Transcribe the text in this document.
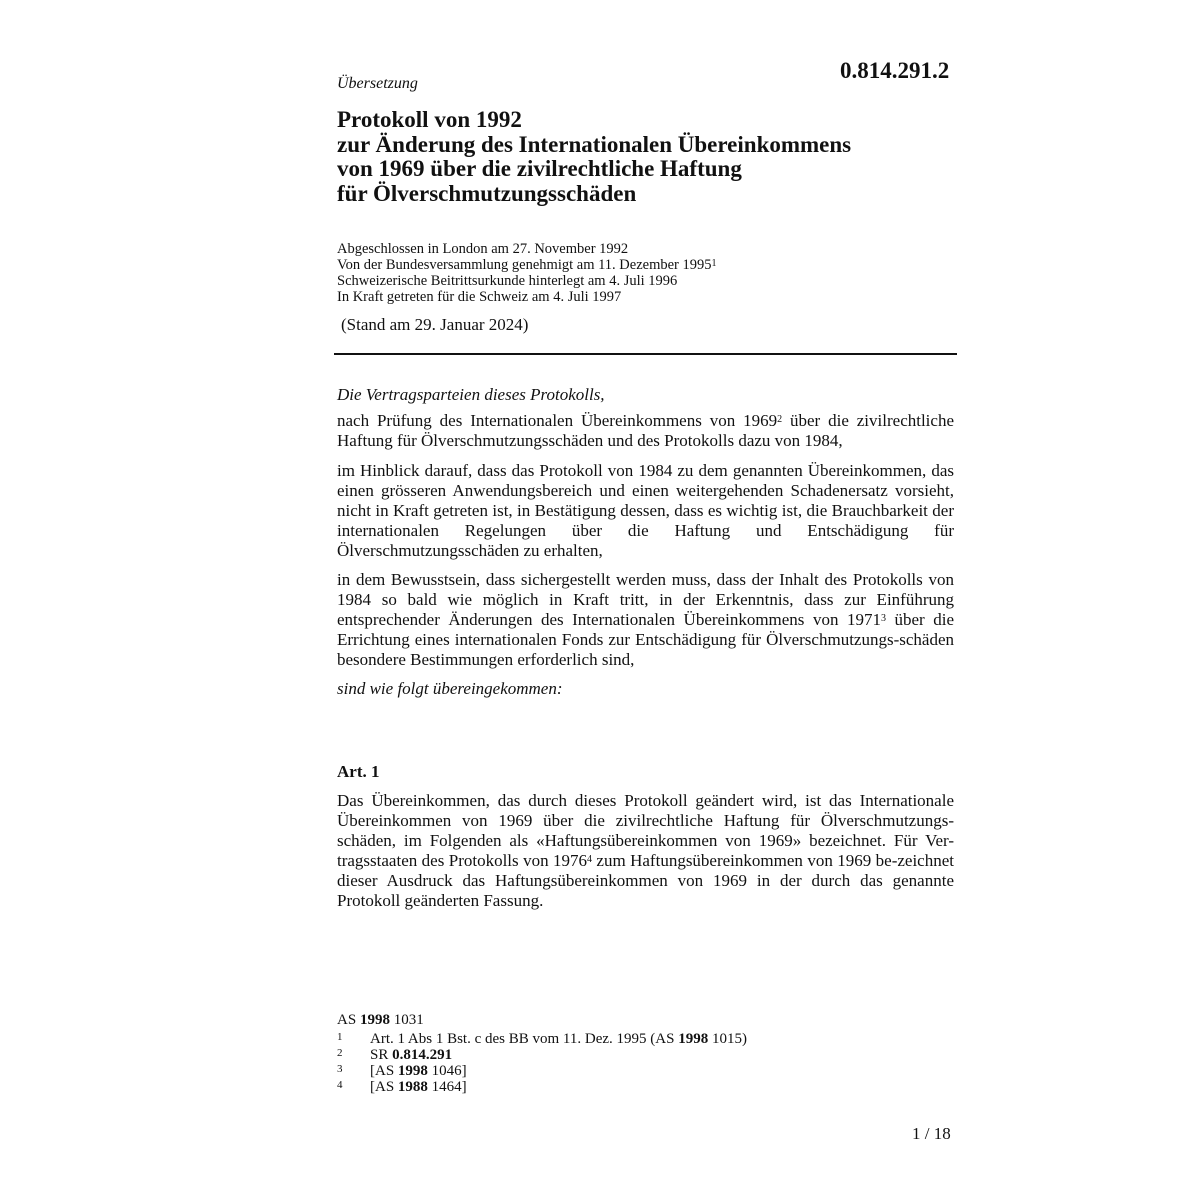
0.814.291.2
Übersetzung
Protokoll von 1992
zur Änderung des Internationalen Übereinkommens
von 1969 über die zivilrechtliche Haftung
für Ölverschmutzungsschäden
Abgeschlossen in London am 27. November 1992
Von der Bundesversammlung genehmigt am 11. Dezember 1995$^1$
Schweizerische Beitrittsurkunde hinterlegt am 4. Juli 1996
In Kraft getreten für die Schweiz am 4. Juli 1997
(Stand am 29. Januar 2024)
Die Vertragsparteien dieses Protokolls,

nach Prüfung des Internationalen Übereinkommens von 1969$^2$ über die zivilrechtliche Haftung für Ölverschmutzungsschäden und des Protokolls dazu von 1984,

im Hinblick darauf, dass das Protokoll von 1984 zu dem genannten Übereinkommen, das einen grösseren Anwendungsbereich und einen weitergehenden Schadenersatz vorsieht, nicht in Kraft getreten ist, in Bestätigung dessen, dass es wichtig ist, die Brauchbarkeit der internationalen Regelungen über die Haftung und Entschädigung für Ölverschmutzungsschäden zu erhalten,

in dem Bewusstsein, dass sichergestellt werden muss, dass der Inhalt des Protokolls von 1984 so bald wie möglich in Kraft tritt, in der Erkenntnis, dass zur Einführung entsprechender Änderungen des Internationalen Übereinkommens von 1971$^3$ über die Errichtung eines internationalen Fonds zur Entschädigung für Ölverschmutzungs-schäden besondere Bestimmungen erforderlich sind,

sind wie folgt übereingekommen:
Art. 1

Das Übereinkommen, das durch dieses Protokoll geändert wird, ist das Internationale Übereinkommen von 1969 über die zivilrechtliche Haftung für Ölverschmutzungs-schäden, im Folgenden als «Haftungsübereinkommen von 1969» bezeichnet. Für Ver-tragsstaaten des Protokolls von 1976$^4$ zum Haftungsübereinkommen von 1969 be-zeichnet dieser Ausdruck das Haftungsübereinkommen von 1969 in der durch das genannte Protokoll geänderten Fassung.

AS 1998 1031
1	Art. 1 Abs 1 Bst. c des BB vom 11. Dez. 1995 (AS 1998 1015)
2	SR 0.814.291
3	[AS 1998 1046]
4	[AS 1988 1464]
1 / 18
